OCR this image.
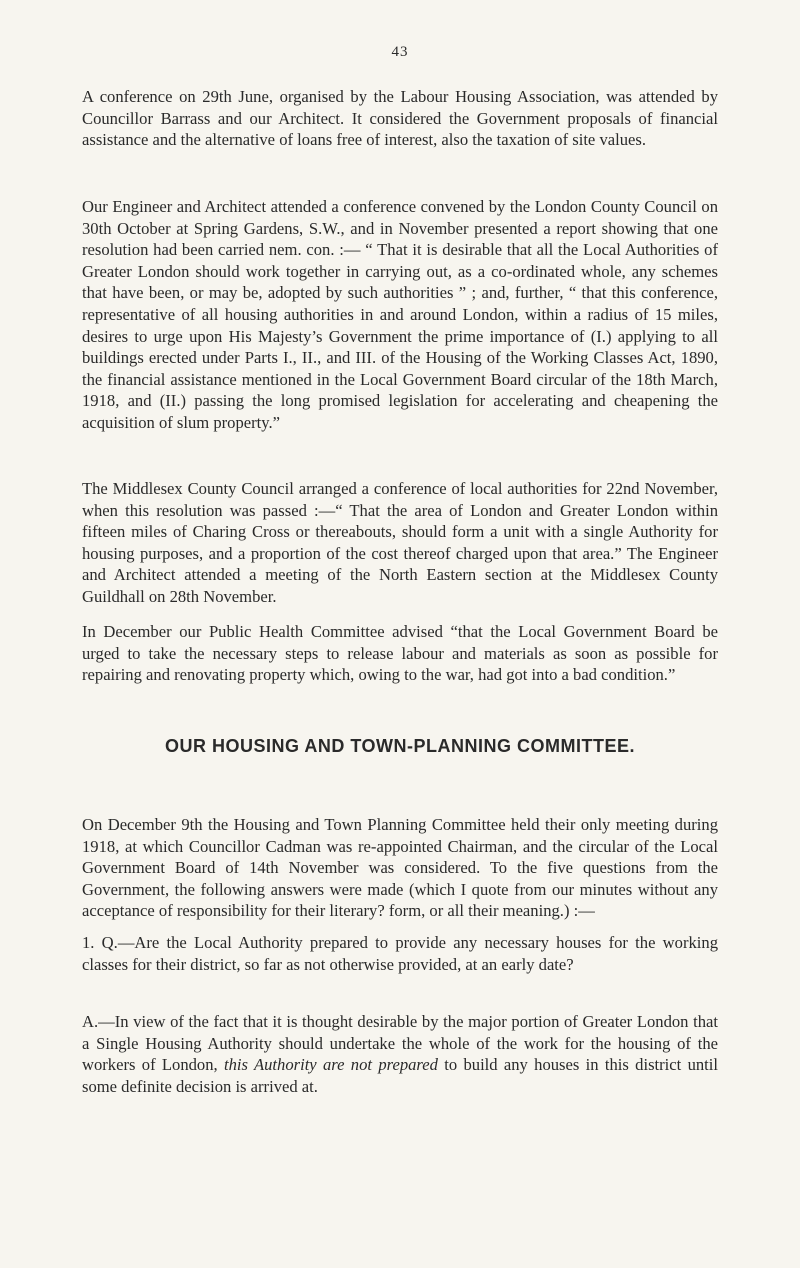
43

A conference on 29th June, organised by the Labour Housing Association, was attended by Councillor Barrass and our Architect. It considered the Government proposals of financial assistance and the alternative of loans free of interest, also the taxation of site values.

Our Engineer and Architect attended a conference convened by the London County Council on 30th October at Spring Gardens, S.W., and in November presented a report showing that one resolution had been carried nem. con. :— “ That it is desirable that all the Local Authorities of Greater London should work together in carrying out, as a co-ordinated whole, any schemes that have been, or may be, adopted by such authorities ” ; and, further, “ that this conference, representative of all housing authorities in and around London, within a radius of 15 miles, desires to urge upon His Majesty’s Government the prime importance of (I.) applying to all buildings erected under Parts I., II., and III. of the Housing of the Working Classes Act, 1890, the financial assistance mentioned in the Local Government Board circular of the 18th March, 1918, and (II.) passing the long promised legislation for accelerating and cheapening the acquisition of slum property.”

The Middlesex County Council arranged a conference of local authorities for 22nd November, when this resolution was passed :—“ That the area of London and Greater London within fifteen miles of Charing Cross or thereabouts, should form a unit with a single Authority for housing purposes, and a proportion of the cost thereof charged upon that area.” The Engineer and Architect attended a meeting of the North Eastern section at the Middlesex County Guildhall on 28th November.

In December our Public Health Committee advised “that the Local Government Board be urged to take the necessary steps to release labour and materials as soon as possible for repairing and renovating property which, owing to the war, had got into a bad condition.”

OUR HOUSING AND TOWN-PLANNING COMMITTEE.

On December 9th the Housing and Town Planning Committee held their only meeting during 1918, at which Councillor Cadman was re-appointed Chairman, and the circular of the Local Government Board of 14th November was considered. To the five questions from the Government, the following answers were made (which I quote from our minutes without any acceptance of responsibility for their literary? form, or all their meaning.) :—

1. Q.—Are the Local Authority prepared to provide any necessary houses for the working classes for their district, so far as not otherwise provided, at an early date?

A.—In view of the fact that it is thought desirable by the major portion of Greater London that a Single Housing Authority should undertake the whole of the work for the housing of the workers of London, this Authority are not prepared to build any houses in this district until some definite decision is arrived at.
